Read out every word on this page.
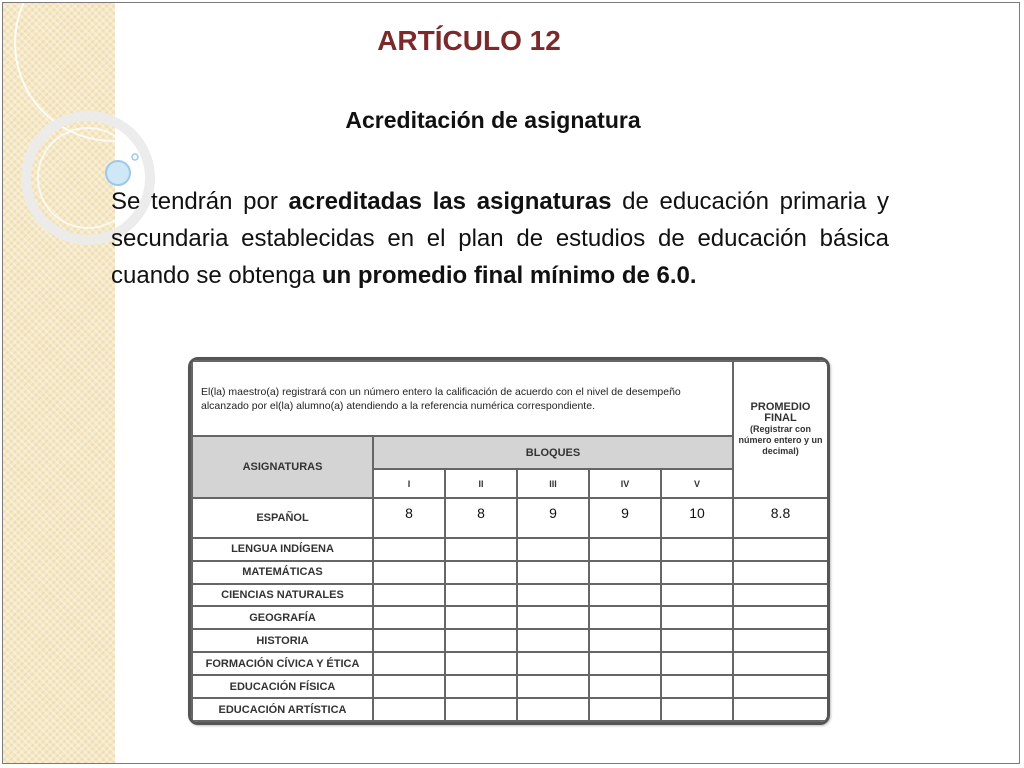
ARTÍCULO 12
Acreditación de asignatura
Se tendrán por acreditadas las asignaturas de educación primaria y secundaria establecidas en el plan de estudios de educación básica cuando se obtenga un promedio final mínimo de 6.0.
El(la) maestro(a) registrará con un número entero la calificación de acuerdo con el nivel de desempeño alcanzado por el(la) alumno(a) atendiendo a la referencia numérica correspondiente.						PROMEDIO FINAL
(Registrar con número entero y un decimal)

ASIGNATURAS	BLOQUES					
	I	II	III	IV	V	
ESPAÑOL	8	8	9	9	10	8.8
LENGUA INDÍGENA						
MATEMÁTICAS						
CIENCIAS NATURALES						
GEOGRAFÍA						
HISTORIA						
FORMACIÓN CÍVICA Y ÉTICA						
EDUCACIÓN FÍSICA						
EDUCACIÓN ARTÍSTICA						
